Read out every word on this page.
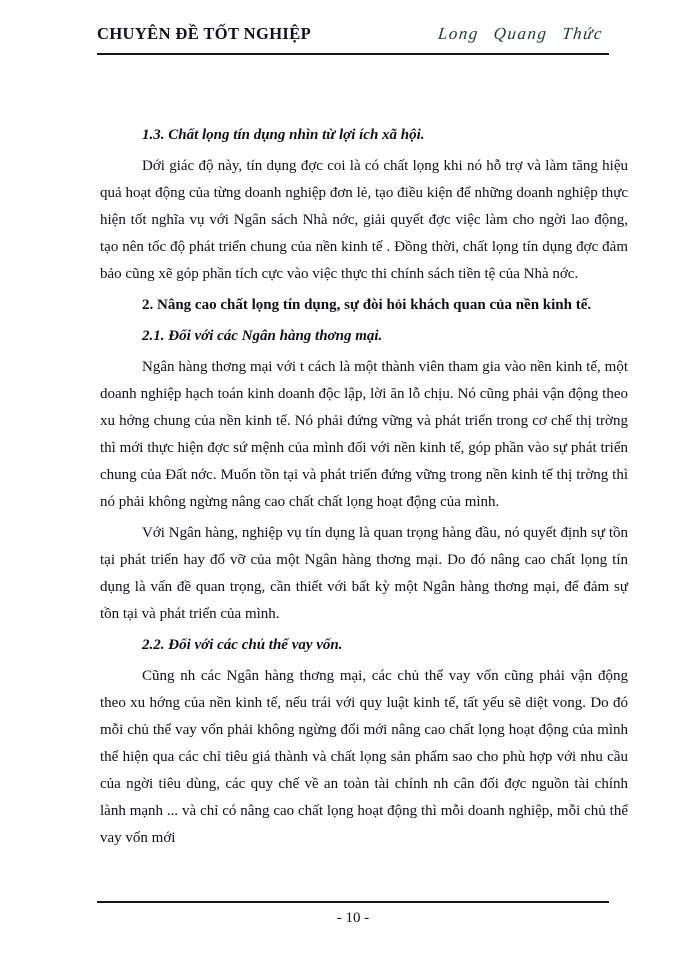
CHUYÊN ĐỀ TỐT NGHIỆP	Long Quang Thức

1.3. Chất lọng tín dụng nhìn từ lợi ích xã hội.

Dới giác độ này, tín dụng đợc coi là có chất lọng khi nó hỗ trợ và làm tăng hiệu quả hoạt động của từng doanh nghiệp đơn lẻ, tạo điều kiện để những doanh nghiệp thực hiện tốt nghĩa vụ với Ngân sách Nhà nớc, giải quyết đợc việc làm cho ngời lao động, tạo nên tốc độ phát triển chung của nền kinh tế . Đồng thời, chất lọng tín dụng đợc đảm bảo cũng xẽ góp phần tích cực vào việc thực thi chính sách tiền tệ của Nhà nớc.

2. Nâng cao chất lọng tín dụng, sự đòi hỏi khách quan của nền kinh tế.

2.1. Đối với các Ngân hàng thơng mại.

Ngân hàng thơng mại với t cách là một thành viên tham gia vào nền kinh tế, một doanh nghiệp hạch toán kinh doanh độc lập, lời ăn lỗ chịu. Nó cũng phải vận động theo xu hớng chung của nền kinh tế. Nó phải đứng vững và phát triển trong cơ chế thị trờng thì mới thực hiện đợc sứ mệnh của mình đối với nền kinh tế, góp phần vào sự phát triển chung của Đất nớc. Muốn tồn tại và phát triển đứng vững trong nền kinh tế thị trờng thì nó phải không ngừng nâng cao chất chất lọng hoạt động của mình.

Với Ngân hàng, nghiệp vụ tín dụng là quan trọng hàng đầu, nó quyết định sự tồn tại phát triển hay đổ vỡ của một Ngân hàng thơng mại. Do đó nâng cao chất lọng tín dụng là vấn đề quan trọng, cần thiết với bất kỳ một Ngân hàng thơng mại, để đảm sự tồn tại và phát triển của mình.

2.2. Đối với các chủ thể vay vốn.

Cũng nh các Ngân hàng thơng mại, các chủ thể vay vốn cũng phải vận động theo xu hớng của nền kinh tế, nếu trái với quy luật kinh tế, tất yếu sẽ diệt vong. Do đó mỗi chủ thể vay vốn phải không ngừng đổi mới nâng cao chất lọng hoạt động của mình thể hiện qua các chỉ tiêu giá thành và chất lọng sản phẩm sao cho phù hợp với nhu cầu của ngời tiêu dùng, các quy chế về an toàn tài chính nh cân đối đợc nguồn tài chính lành mạnh ... và chỉ có nâng cao chất lọng hoạt động thì mỗi doanh nghiệp, mỗi chủ thể vay vốn mới

- 10 -
